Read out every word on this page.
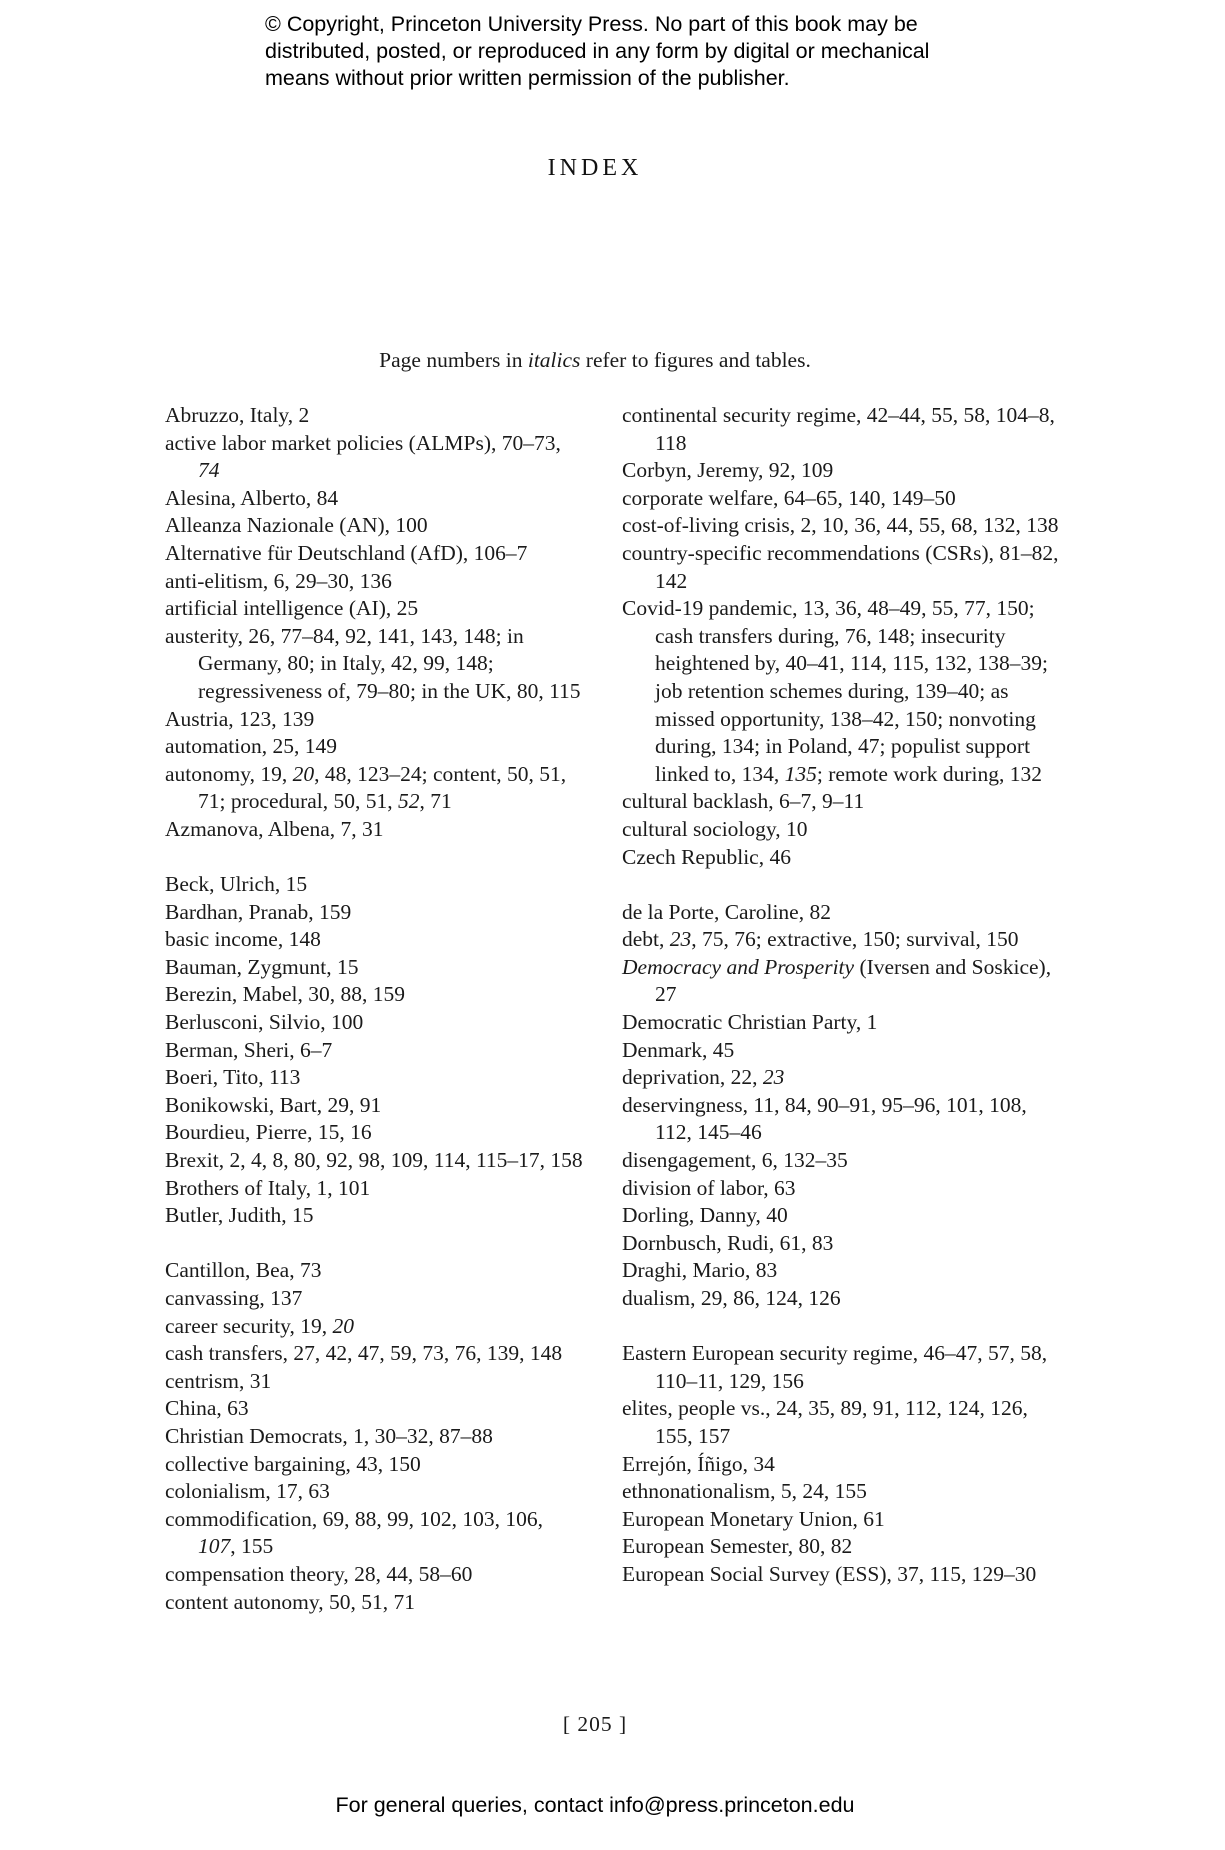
© Copyright, Princeton University Press. No part of this book may be
distributed, posted, or reproduced in any form by digital or mechanical
means without prior written permission of the publisher.
INDEX
Page numbers in italics refer to figures and tables.

Abruzzo, Italy, 2

active labor market policies (ALMPs), 70–73, 74

Alesina, Alberto, 84

Alleanza Nazionale (AN), 100

Alternative für Deutschland (AfD), 106–7

anti-elitism, 6, 29–30, 136

artificial intelligence (AI), 25

austerity, 26, 77–84, 92, 141, 143, 148; in Germany, 80; in Italy, 42, 99, 148; regressiveness of, 79–80; in the UK, 80, 115

Austria, 123, 139

automation, 25, 149

autonomy, 19, 20, 48, 123–24; content, 50, 51, 71; procedural, 50, 51, 52, 71

Azmanova, Albena, 7, 31

Beck, Ulrich, 15

Bardhan, Pranab, 159

basic income, 148

Bauman, Zygmunt, 15

Berezin, Mabel, 30, 88, 159

Berlusconi, Silvio, 100

Berman, Sheri, 6–7

Boeri, Tito, 113

Bonikowski, Bart, 29, 91

Bourdieu, Pierre, 15, 16

Brexit, 2, 4, 8, 80, 92, 98, 109, 114, 115–17, 158

Brothers of Italy, 1, 101

Butler, Judith, 15

Cantillon, Bea, 73

canvassing, 137

career security, 19, 20

cash transfers, 27, 42, 47, 59, 73, 76, 139, 148

centrism, 31

China, 63

Christian Democrats, 1, 30–32, 87–88

collective bargaining, 43, 150

colonialism, 17, 63

commodification, 69, 88, 99, 102, 103, 106, 107, 155

compensation theory, 28, 44, 58–60

content autonomy, 50, 51, 71

continental security regime, 42–44, 55, 58, 104–8, 118

Corbyn, Jeremy, 92, 109

corporate welfare, 64–65, 140, 149–50

cost-of-living crisis, 2, 10, 36, 44, 55, 68, 132, 138

country-specific recommendations (CSRs), 81–82, 142

Covid-19 pandemic, 13, 36, 48–49, 55, 77, 150; cash transfers during, 76, 148; insecurity heightened by, 40–41, 114, 115, 132, 138–39; job retention schemes during, 139–40; as missed opportunity, 138–42, 150; nonvoting during, 134; in Poland, 47; populist support linked to, 134, 135; remote work during, 132

cultural backlash, 6–7, 9–11

cultural sociology, 10

Czech Republic, 46

de la Porte, Caroline, 82

debt, 23, 75, 76; extractive, 150; survival, 150

Democracy and Prosperity (Iversen and Soskice), 27

Democratic Christian Party, 1

Denmark, 45

deprivation, 22, 23

deservingness, 11, 84, 90–91, 95–96, 101, 108, 112, 145–46

disengagement, 6, 132–35

division of labor, 63

Dorling, Danny, 40

Dornbusch, Rudi, 61, 83

Draghi, Mario, 83

dualism, 29, 86, 124, 126

Eastern European security regime, 46–47, 57, 58, 110–11, 129, 156

elites, people vs., 24, 35, 89, 91, 112, 124, 126, 155, 157

Errejón, Íñigo, 34

ethnonationalism, 5, 24, 155

European Monetary Union, 61

European Semester, 80, 82

European Social Survey (ESS), 37, 115, 129–30

[ 205 ]
For general queries, contact info@press.princeton.edu
